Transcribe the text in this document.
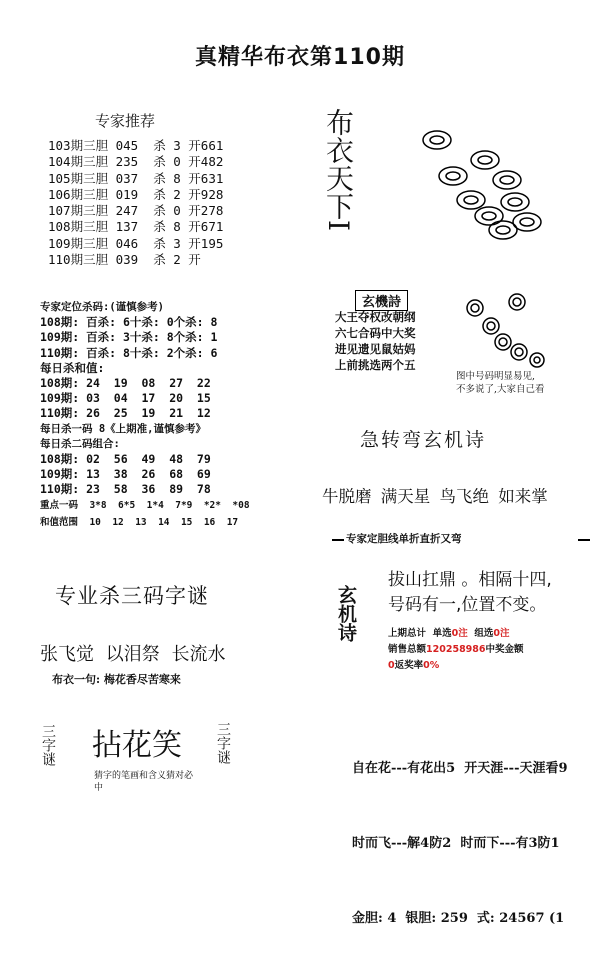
真精华布衣第110期
专家推荐
103期三胆 045  杀 3 开661
104期三胆 235  杀 0 开482
105期三胆 037  杀 8 开631
106期三胆 019  杀 2 开928
107期三胆 247  杀 0 开278
108期三胆 137  杀 8 开671
109期三胆 046  杀 3 开195
110期三胆 039  杀 2 开
专家定位杀码:(谨慎参考)
108期: 百杀: 6十杀: 0个杀: 8
109期: 百杀: 3十杀: 8个杀: 1
110期: 百杀: 8十杀: 2个杀: 6
每日杀和值:
108期: 24  19  08  27  22
109期: 03  04  17  20  15
110期: 26  25  19  21  12
每日杀一码 8《上期准,谨慎参考》
每日杀二码组合:
108期: 02  56  49  48  79
109期: 13  38  26  68  69
110期: 23  58  36  89  78
重点一码  3*8  6*5  1*4  7*9  *2*  *08
和值范围  10  12  13  14  15  16  17
专业杀三码字谜
张飞觉 以泪祭 长流水
布衣一句: 梅花香尽苦寒来
三字谜 拈花笑 三字谜
猜字的笔画和含义猜对必中
布衣天下I
玄機詩
大王夺权改朝纲
六七合码中大奖
进见遗见鼠姑妈
上前挑选两个五
图中号码明显易见,
不多说了,大家自己看
急转弯玄机诗
牛脱磨 满天星 鸟飞绝 如来掌
专家定胆线单折直折又弯
玄机诗
拔山扛鼎 。相隔十四,
号码有一,位置不变。
上期总计 单选0注 组选0注
销售总额120258986中奖金额
0返奖率0%

自在花---有花出5  开天涯---天涯看9

时而飞---解4防2  时而下---有3防1

金胆: 4  银胆: 259  式: 24567 (1
